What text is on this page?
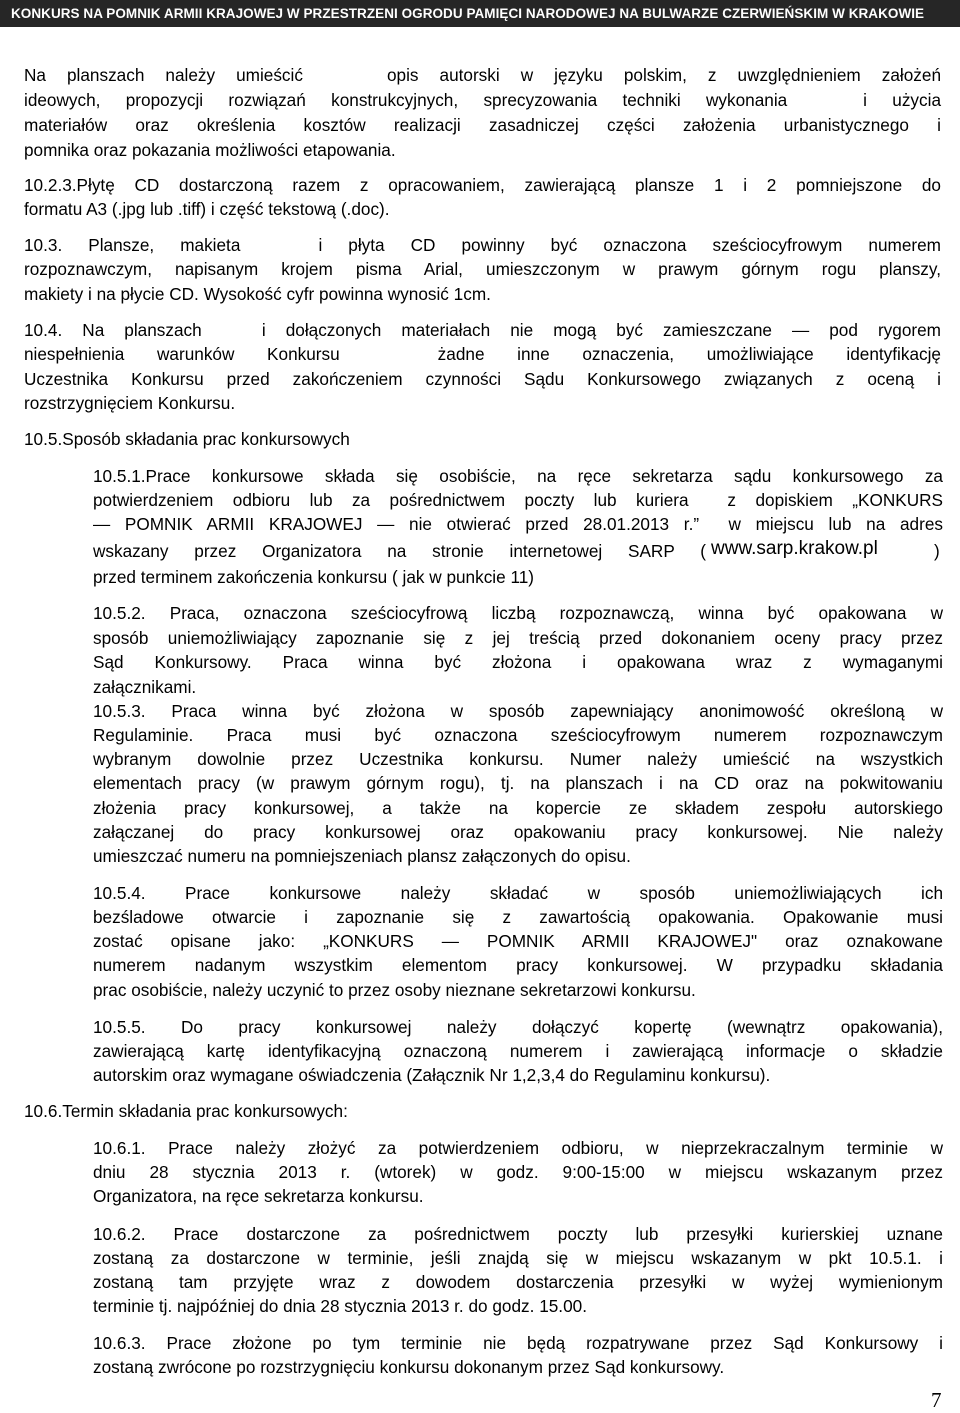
KONKURS NA POMNIK ARMII KRAJOWEJ W PRZESTRZENI OGRODU PAMIĘCI NARODOWEJ NA BULWARZE CZERWIEŃSKIM W KRAKOWIE
Na planszach należy umieścić    opis autorski w języku polskim, z uwzględnieniem założeń
ideowych, propozycji rozwiązań konstrukcyjnych, sprecyzowania techniki wykonania   i użycia
materiałów oraz określenia kosztów realizacji zasadniczej części założenia urbanistycznego i
pomnika oraz pokazania możliwości etapowania.
10.2.3.Płytę CD dostarczoną razem z opracowaniem, zawierającą plansze 1 i 2 pomniejszone do
formatu A3 (.jpg lub .tiff) i część tekstową (.doc).
10.3. Plansze, makieta   i płyta CD powinny być oznaczona sześciocyfrowym numerem
rozpoznawczym, napisanym krojem pisma Arial, umieszczonym w prawym górnym rogu planszy,
makiety i na płycie CD. Wysokość cyfr powinna wynosić 1cm.
10.4. Na planszach   i dołączonych materiałach nie mogą być zamieszczane — pod rygorem
niespełnienia warunków Konkursu   żadne inne oznaczenia, umożliwiające identyfikację
Uczestnika Konkursu przed zakończeniem czynności Sądu Konkursowego związanych z oceną i
rozstrzygnięciem Konkursu.
10.5.Sposób składania prac konkursowych
10.5.1.Prace konkursowe składa się osobiście, na ręce sekretarza sądu konkursowego za
potwierdzeniem odbioru lub za pośrednictwem poczty lub kuriera  z dopiskiem „KONKURS
— POMNIK ARMII KRAJOWEJ — nie otwierać przed 28.01.2013 r.”  w miejscu lub na adres
wskazany przez Organizatora na stronie internetowej SARP ( www.sarp.krakow.pl	)
przed terminem zakończenia konkursu ( jak w punkcie 11)
10.5.2. Praca, oznaczona sześciocyfrową liczbą rozpoznawczą, winna być opakowana w
sposób uniemożliwiający zapoznanie się z jej treścią przed dokonaniem oceny pracy przez
Sąd Konkursowy. Praca winna być złożona i opakowana wraz z wymaganymi
załącznikami.
10.5.3. Praca winna być złożona w sposób zapewniający anonimowość określoną w
Regulaminie. Praca musi być oznaczona sześciocyfrowym numerem rozpoznawczym
wybranym dowolnie przez Uczestnika konkursu. Numer należy umieścić na wszystkich
elementach pracy (w prawym górnym rogu), tj. na planszach i na CD oraz na pokwitowaniu
złożenia pracy konkursowej, a także na kopercie ze składem zespołu autorskiego
załączanej do pracy konkursowej oraz opakowaniu pracy konkursowej. Nie należy
umieszczać numeru na pomniejszeniach plansz załączonych do opisu.
10.5.4. Prace konkursowe należy składać w sposób uniemożliwiających ich
bezśladowe otwarcie i zapoznanie się z zawartością opakowania. Opakowanie musi
zostać opisane jako: „KONKURS — POMNIK ARMII KRAJOWEJ" oraz oznakowane
numerem nadanym wszystkim elementom pracy konkursowej. W przypadku składania
prac osobiście, należy uczynić to przez osoby nieznane sekretarzowi konkursu.
10.5.5. Do pracy konkursowej należy dołączyć kopertę (wewnątrz opakowania),
zawierającą kartę identyfikacyjną oznaczoną numerem i zawierającą informacje o składzie
autorskim oraz wymagane oświadczenia (Załącznik Nr 1,2,3,4 do Regulaminu konkursu).
10.6.Termin składania prac konkursowych:
10.6.1. Prace należy złożyć za potwierdzeniem odbioru, w nieprzekraczalnym terminie w
dniu 28 stycznia 2013 r. (wtorek) w godz. 9:00-15:00 w miejscu wskazanym przez
Organizatora, na ręce sekretarza konkursu.
10.6.2. Prace dostarczone za pośrednictwem poczty lub przesyłki kurierskiej uznane
zostaną za dostarczone w terminie, jeśli znajdą się w miejscu wskazanym w pkt 10.5.1. i
zostaną tam przyjęte wraz z dowodem dostarczenia przesyłki w wyżej wymienionym
terminie tj. najpóźniej do dnia 28 stycznia 2013 r. do godz. 15.00.
10.6.3. Prace złożone po tym terminie nie będą rozpatrywane przez Sąd Konkursowy i
zostaną zwrócone po rozstrzygnięciu konkursu dokonanym przez Sąd konkursowy.
7
